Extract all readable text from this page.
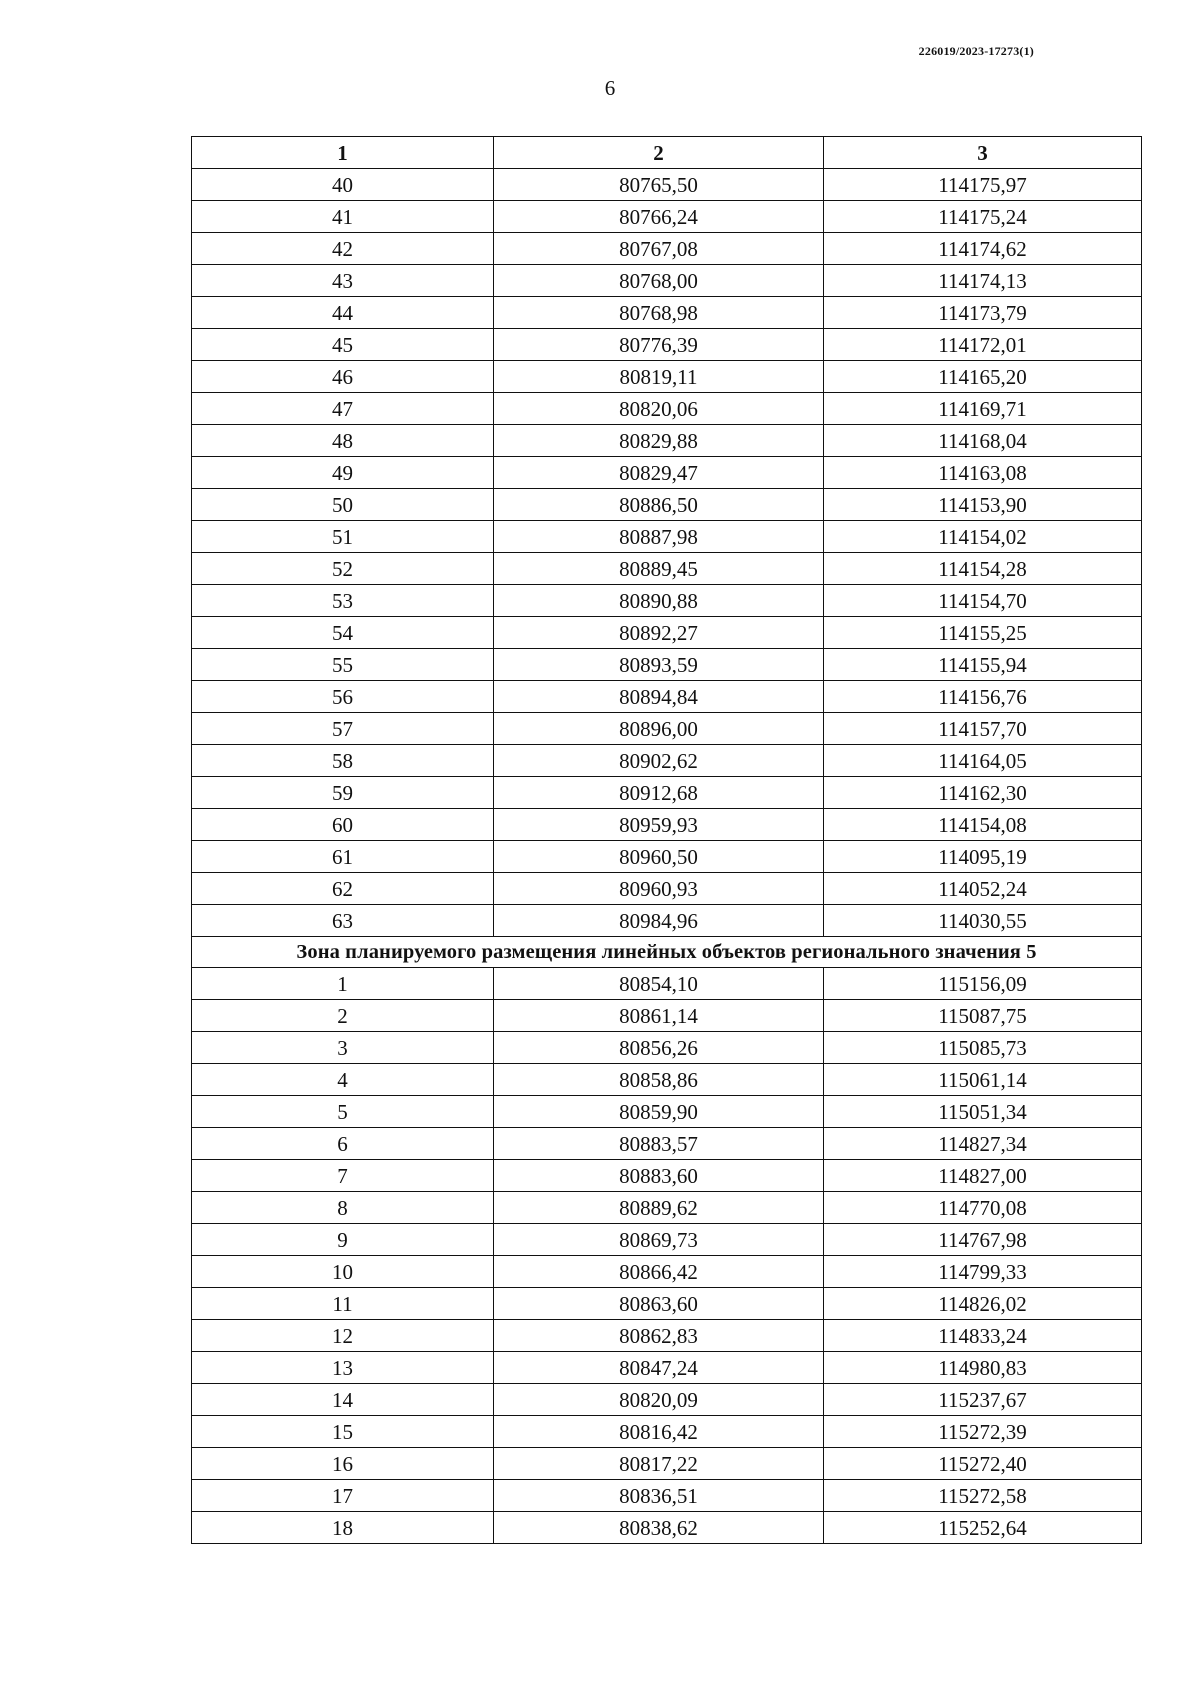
226019/2023-17273(1)
6
1	2	3
40	80765,50	114175,97
41	80766,24	114175,24
42	80767,08	114174,62
43	80768,00	114174,13
44	80768,98	114173,79
45	80776,39	114172,01
46	80819,11	114165,20
47	80820,06	114169,71
48	80829,88	114168,04
49	80829,47	114163,08
50	80886,50	114153,90
51	80887,98	114154,02
52	80889,45	114154,28
53	80890,88	114154,70
54	80892,27	114155,25
55	80893,59	114155,94
56	80894,84	114156,76
57	80896,00	114157,70
58	80902,62	114164,05
59	80912,68	114162,30
60	80959,93	114154,08
61	80960,50	114095,19
62	80960,93	114052,24
63	80984,96	114030,55
Зона планируемого размещения линейных объектов регионального значения 5		
1	80854,10	115156,09
2	80861,14	115087,75
3	80856,26	115085,73
4	80858,86	115061,14
5	80859,90	115051,34
6	80883,57	114827,34
7	80883,60	114827,00
8	80889,62	114770,08
9	80869,73	114767,98
10	80866,42	114799,33
11	80863,60	114826,02
12	80862,83	114833,24
13	80847,24	114980,83
14	80820,09	115237,67
15	80816,42	115272,39
16	80817,22	115272,40
17	80836,51	115272,58
18	80838,62	115252,64
